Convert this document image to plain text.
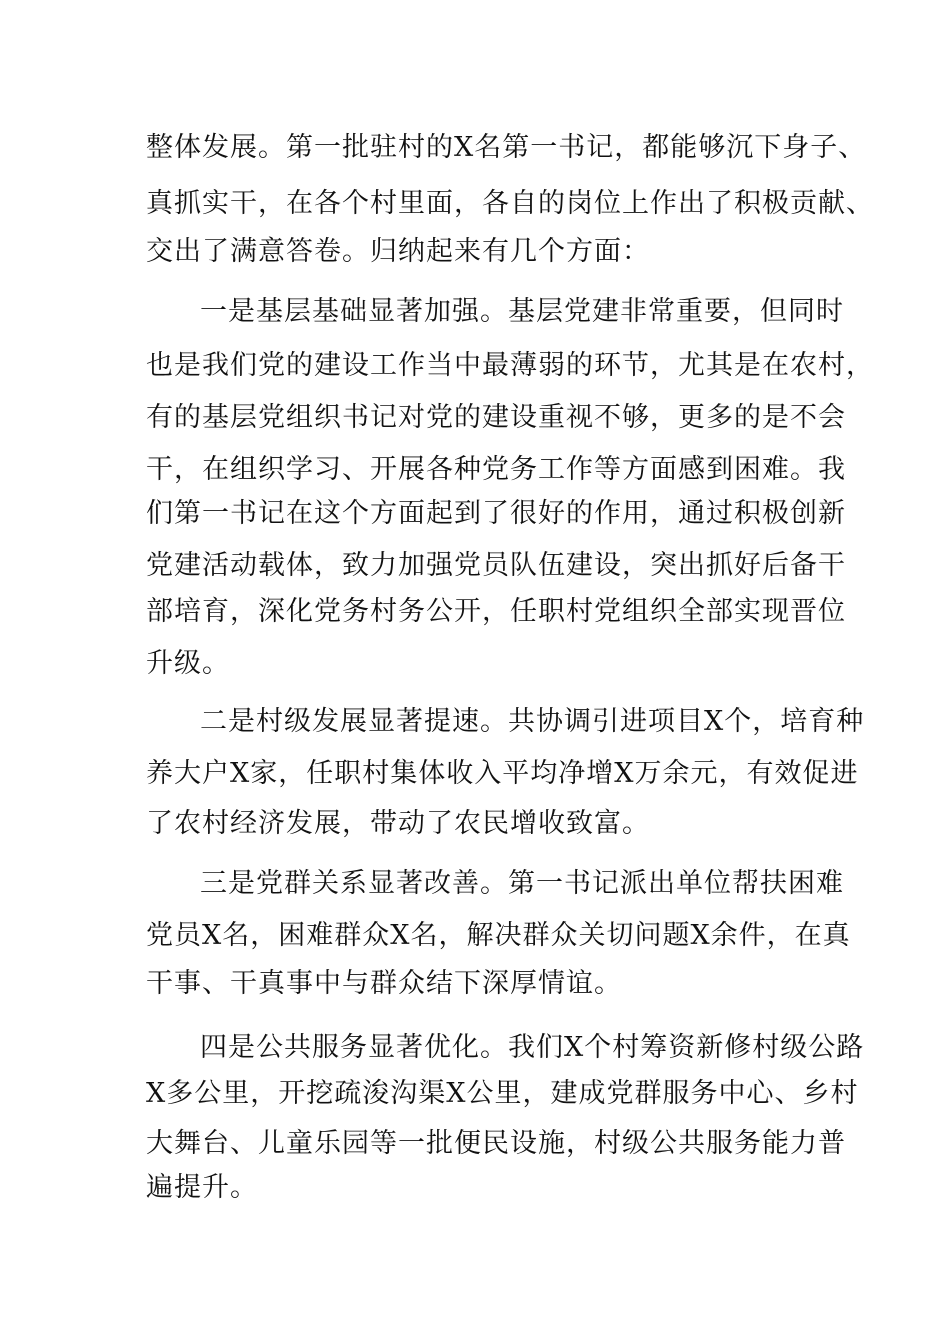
整体发展。第一批驻村的X名第一书记，都能够沉下身子、
真抓实干，在各个村里面，各自的岗位上作出了积极贡献、
交出了满意答卷。归纳起来有几个方面：
一是基层基础显著加强。基层党建非常重要，但同时
也是我们党的建设工作当中最薄弱的环节，尤其是在农村，
有的基层党组织书记对党的建设重视不够，更多的是不会
干，在组织学习、开展各种党务工作等方面感到困难。我
们第一书记在这个方面起到了很好的作用，通过积极创新
党建活动载体，致力加强党员队伍建设，突出抓好后备干
部培育，深化党务村务公开，任职村党组织全部实现晋位
升级。
二是村级发展显著提速。共协调引进项目X个，培育种
养大户X家，任职村集体收入平均净增X万余元，有效促进
了农村经济发展，带动了农民增收致富。
三是党群关系显著改善。第一书记派出单位帮扶困难
党员X名，困难群众X名，解决群众关切问题X余件，在真
干事、干真事中与群众结下深厚情谊。
四是公共服务显著优化。我们X个村筹资新修村级公路
X多公里，开挖疏浚沟渠X公里，建成党群服务中心、乡村
大舞台、儿童乐园等一批便民设施，村级公共服务能力普
遍提升。
